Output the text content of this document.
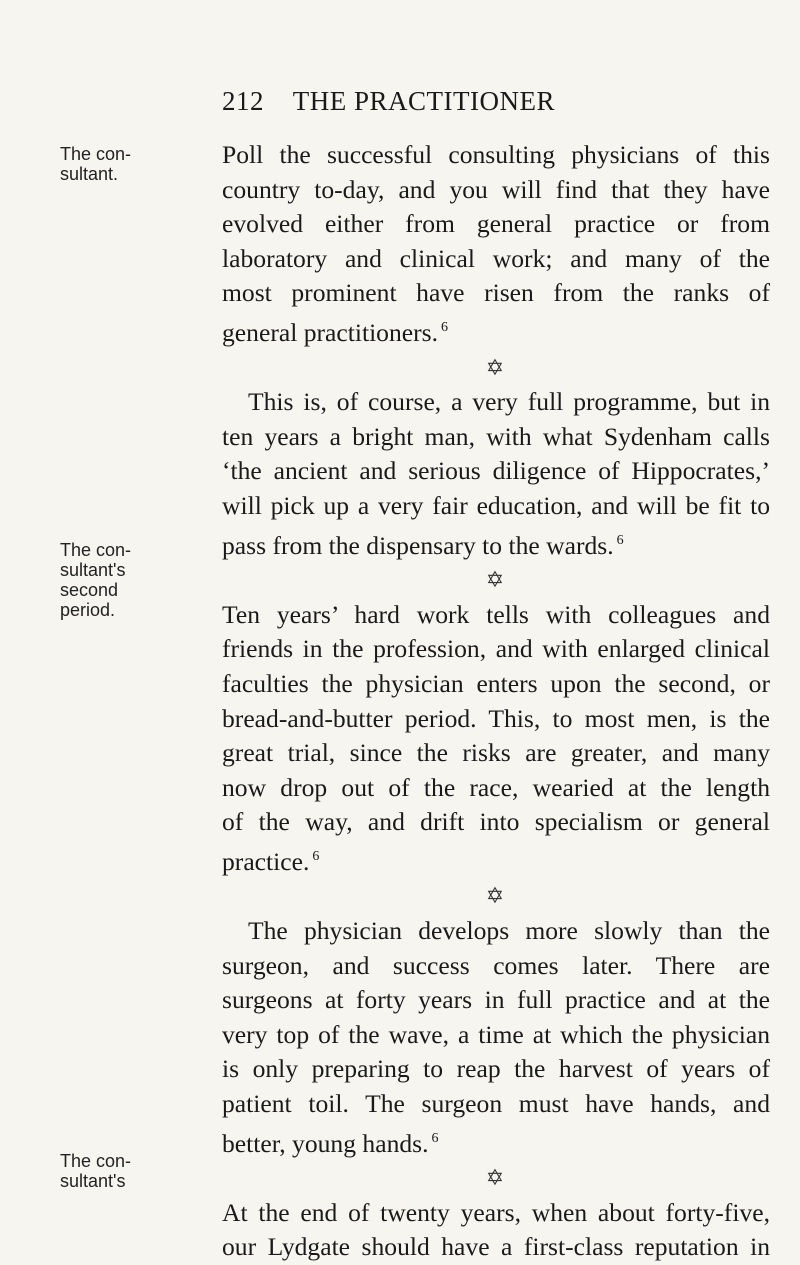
212 THE PRACTITIONER
The con-
sultant.
The con-
sultant's
second
period.
The con-
sultant's

Poll the successful consulting physicians of this
country to-day, and you will find that they have
evolved either from general practice or from
laboratory and clinical work; and many of the
most prominent have risen from the ranks of
general practitioners. $^6$

✡

This is, of course, a very full programme, but in
ten years a bright man, with what Sydenham calls
‘the ancient and serious diligence of Hippocrates,’
will pick up a very fair education, and will be fit to
pass from the dispensary to the wards. $^6$

✡

Ten years’ hard work tells with colleagues and
friends in the profession, and with enlarged clinical
faculties the physician enters upon the second, or
bread-and-butter period. This, to most men, is the
great trial, since the risks are greater, and many
now drop out of the race, wearied at the length
of the way, and drift into specialism or general
practice. $^6$

✡

The physician develops more slowly than the
surgeon, and success comes later. There are
surgeons at forty years in full practice and at the
very top of the wave, a time at which the physician
is only preparing to reap the harvest of years of
patient toil. The surgeon must have hands, and
better, young hands. $^6$

✡

At the end of twenty years, when about forty-five,
our Lydgate should have a first-class reputation in
